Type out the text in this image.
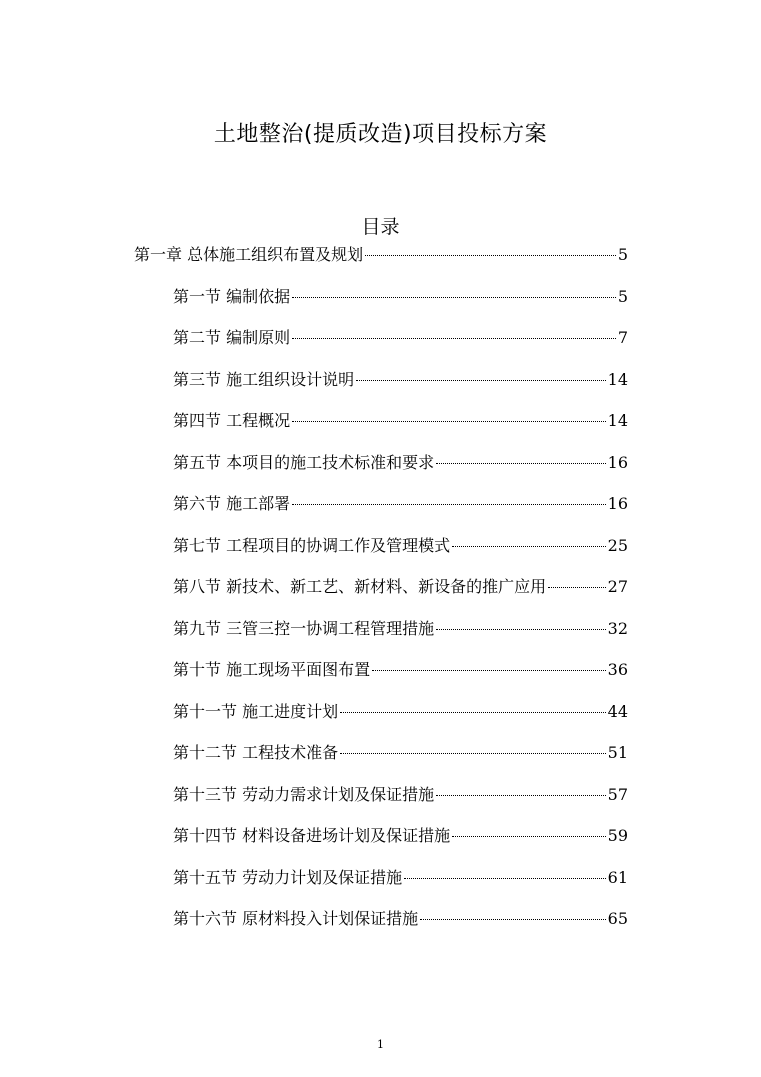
土地整治(提质改造)项目投标方案
目录
第一章 总体施工组织布置及规划	5
第一节 编制依据	5
第二节 编制原则	7
第三节 施工组织设计说明	14
第四节 工程概况	14
第五节 本项目的施工技术标准和要求	16
第六节 施工部署	16
第七节 工程项目的协调工作及管理模式	25
第八节 新技术、新工艺、新材料、新设备的推广应用	27
第九节 三管三控一协调工程管理措施	32
第十节 施工现场平面图布置	36
第十一节 施工进度计划	44
第十二节 工程技术准备	51
第十三节 劳动力需求计划及保证措施	57
第十四节 材料设备进场计划及保证措施	59
第十五节 劳动力计划及保证措施	61
第十六节 原材料投入计划保证措施	65
1
